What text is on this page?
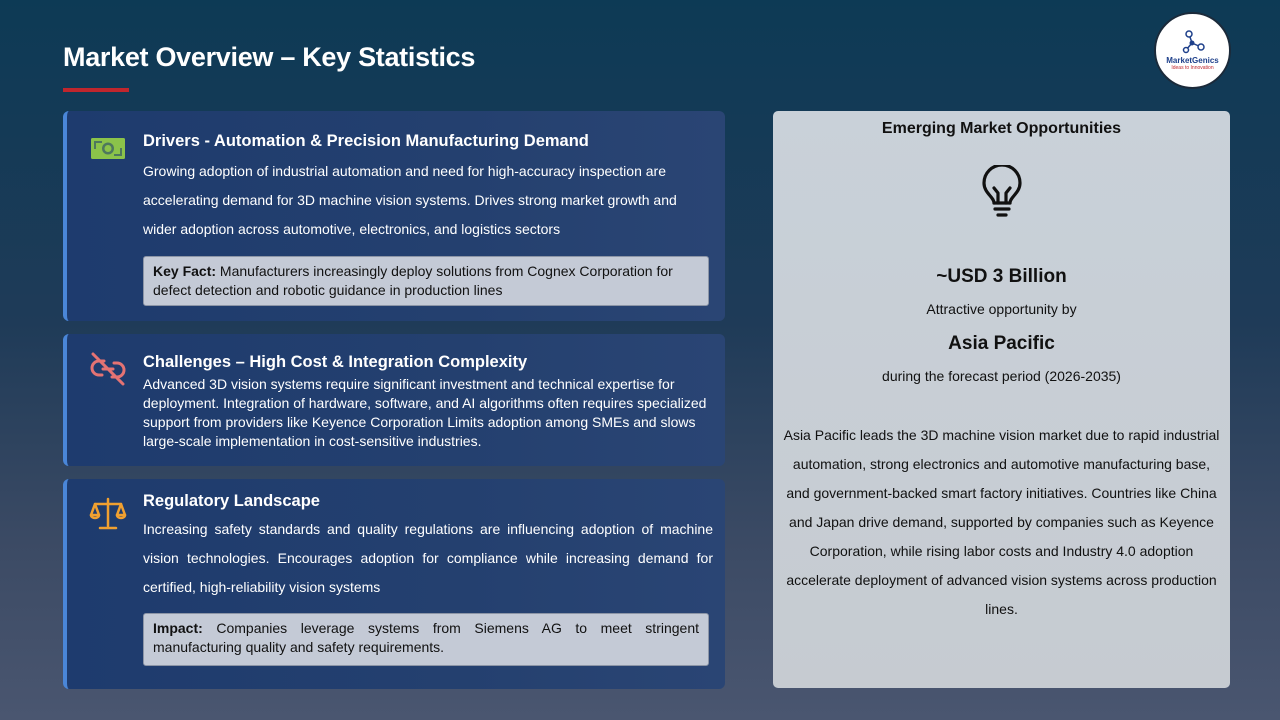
Market Overview – Key Statistics	MarketGenics
Ideas to Innovation
Drivers - Automation & Precision Manufacturing Demand
Growing adoption of industrial automation and need for high-accuracy inspection are accelerating demand for 3D machine vision systems. Drives strong market growth and wider adoption across automotive, electronics, and logistics sectors
Key Fact: Manufacturers increasingly deploy solutions from Cognex Corporation for defect detection and robotic guidance in production lines
Challenges – High Cost & Integration Complexity
Advanced 3D vision systems require significant investment and technical expertise for deployment. Integration of hardware, software, and AI algorithms often requires specialized support from providers like Keyence Corporation Limits adoption among SMEs and slows large-scale implementation in cost-sensitive industries.
Regulatory Landscape
Increasing safety standards and quality regulations are influencing adoption of machine vision technologies. Encourages adoption for compliance while increasing demand for certified, high-reliability vision systems
Impact: Companies leverage systems from Siemens AG to meet stringent manufacturing quality and safety requirements.
Emerging Market Opportunities
~USD 3 Billion
Attractive opportunity by
Asia Pacific
during the forecast period (2026-2035)
Asia Pacific leads the 3D machine vision market due to rapid industrial automation, strong electronics and automotive manufacturing base, and government-backed smart factory initiatives. Countries like China and Japan drive demand, supported by companies such as Keyence Corporation, while rising labor costs and Industry 4.0 adoption accelerate deployment of advanced vision systems across production lines.
